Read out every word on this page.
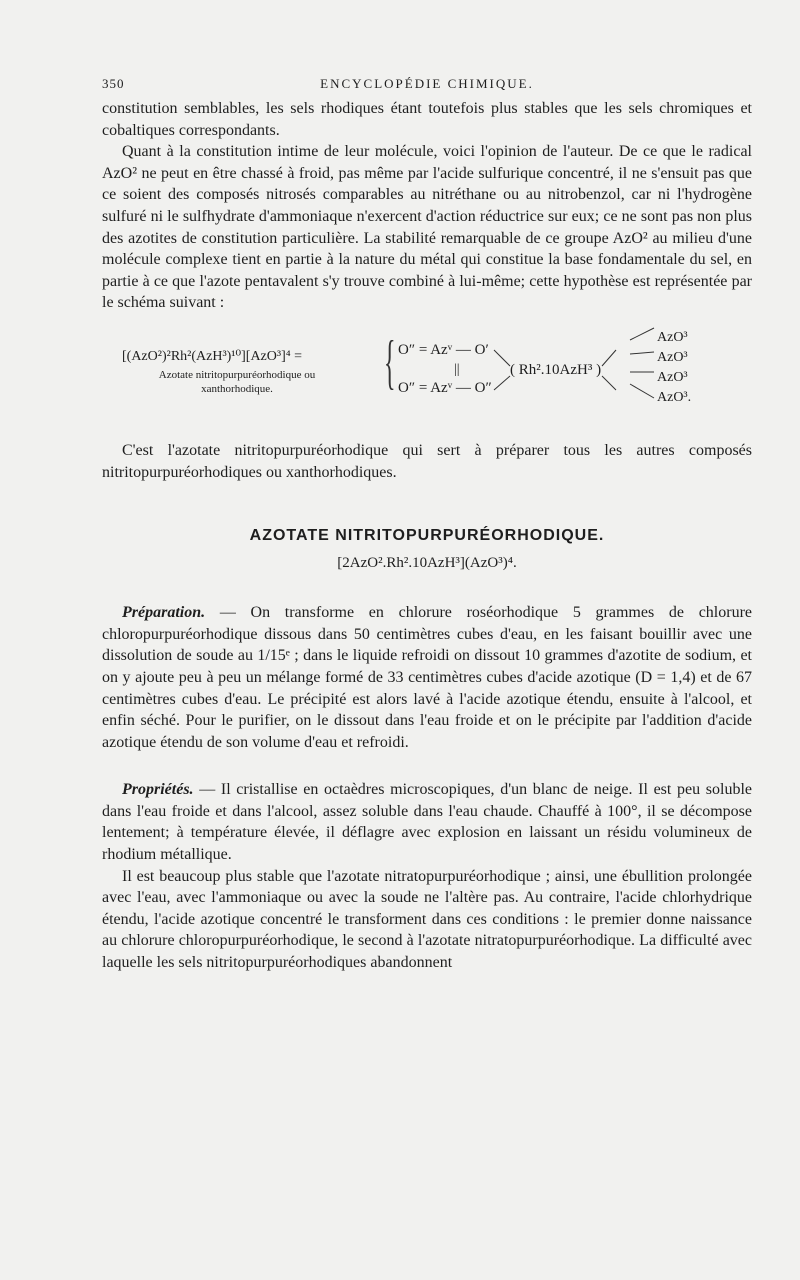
350	ENCYCLOPÉDIE CHIMIQUE.

constitution semblables, les sels rhodiques étant toutefois plus stables que les sels chromiques et cobaltiques correspondants.

Quant à la constitution intime de leur molécule, voici l'opinion de l'auteur. De ce que le radical AzO² ne peut en être chassé à froid, pas même par l'acide sulfurique concentré, il ne s'ensuit pas que ce soient des composés nitrosés comparables au nitréthane ou au nitrobenzol, car ni l'hydrogène sulfuré ni le sulfhydrate d'ammoniaque n'exercent d'action réductrice sur eux; ce ne sont pas non plus des azotites de constitution particulière. La stabilité remarquable de ce groupe AzO² au milieu d'une molécule complexe tient en partie à la nature du métal qui constitue la base fondamentale du sel, en partie à ce que l'azote pentavalent s'y trouve combiné à lui-même; cette hypothèse est représentée par le schéma suivant :

[(AzO²)²Rh²(AzH³)¹⁰][AzO³]⁴ =
Azotate nitritopurpuréorhodique ou xanthorhodique.	{ O″ = Azᵛ — O′
||
O″ = Azᵛ — O″
( Rh².10AzH³ )
AzO³
AzO³
AzO³
AzO³.

C'est l'azotate nitritopurpuréorhodique qui sert à préparer tous les autres composés nitritopurpuréorhodiques ou xanthorhodiques.

AZOTATE NITRITOPURPURÉORHODIQUE.
[2AzO².Rh².10AzH³](AzO³)⁴.

Préparation. — On transforme en chlorure roséorhodique 5 grammes de chlorure chloropurpuréorhodique dissous dans 50 centimètres cubes d'eau, en les faisant bouillir avec une dissolution de soude au 1/15ᵉ ; dans le liquide refroidi on dissout 10 grammes d'azotite de sodium, et on y ajoute peu à peu un mélange formé de 33 centimètres cubes d'acide azotique (D = 1,4) et de 67 centimètres cubes d'eau. Le précipité est alors lavé à l'acide azotique étendu, ensuite à l'alcool, et enfin séché. Pour le purifier, on le dissout dans l'eau froide et on le précipite par l'addition d'acide azotique étendu de son volume d'eau et refroidi.

Propriétés. — Il cristallise en octaèdres microscopiques, d'un blanc de neige. Il est peu soluble dans l'eau froide et dans l'alcool, assez soluble dans l'eau chaude. Chauffé à 100°, il se décompose lentement; à température élevée, il déflagre avec explosion en laissant un résidu volumineux de rhodium métallique.

Il est beaucoup plus stable que l'azotate nitratopurpuréorhodique ; ainsi, une ébullition prolongée avec l'eau, avec l'ammoniaque ou avec la soude ne l'altère pas. Au contraire, l'acide chlorhydrique étendu, l'acide azotique concentré le transforment dans ces conditions : le premier donne naissance au chlorure chloropurpuréorhodique, le second à l'azotate nitratopurpuréorhodique. La difficulté avec laquelle les sels nitritopurpuréorhodiques abandonnent
